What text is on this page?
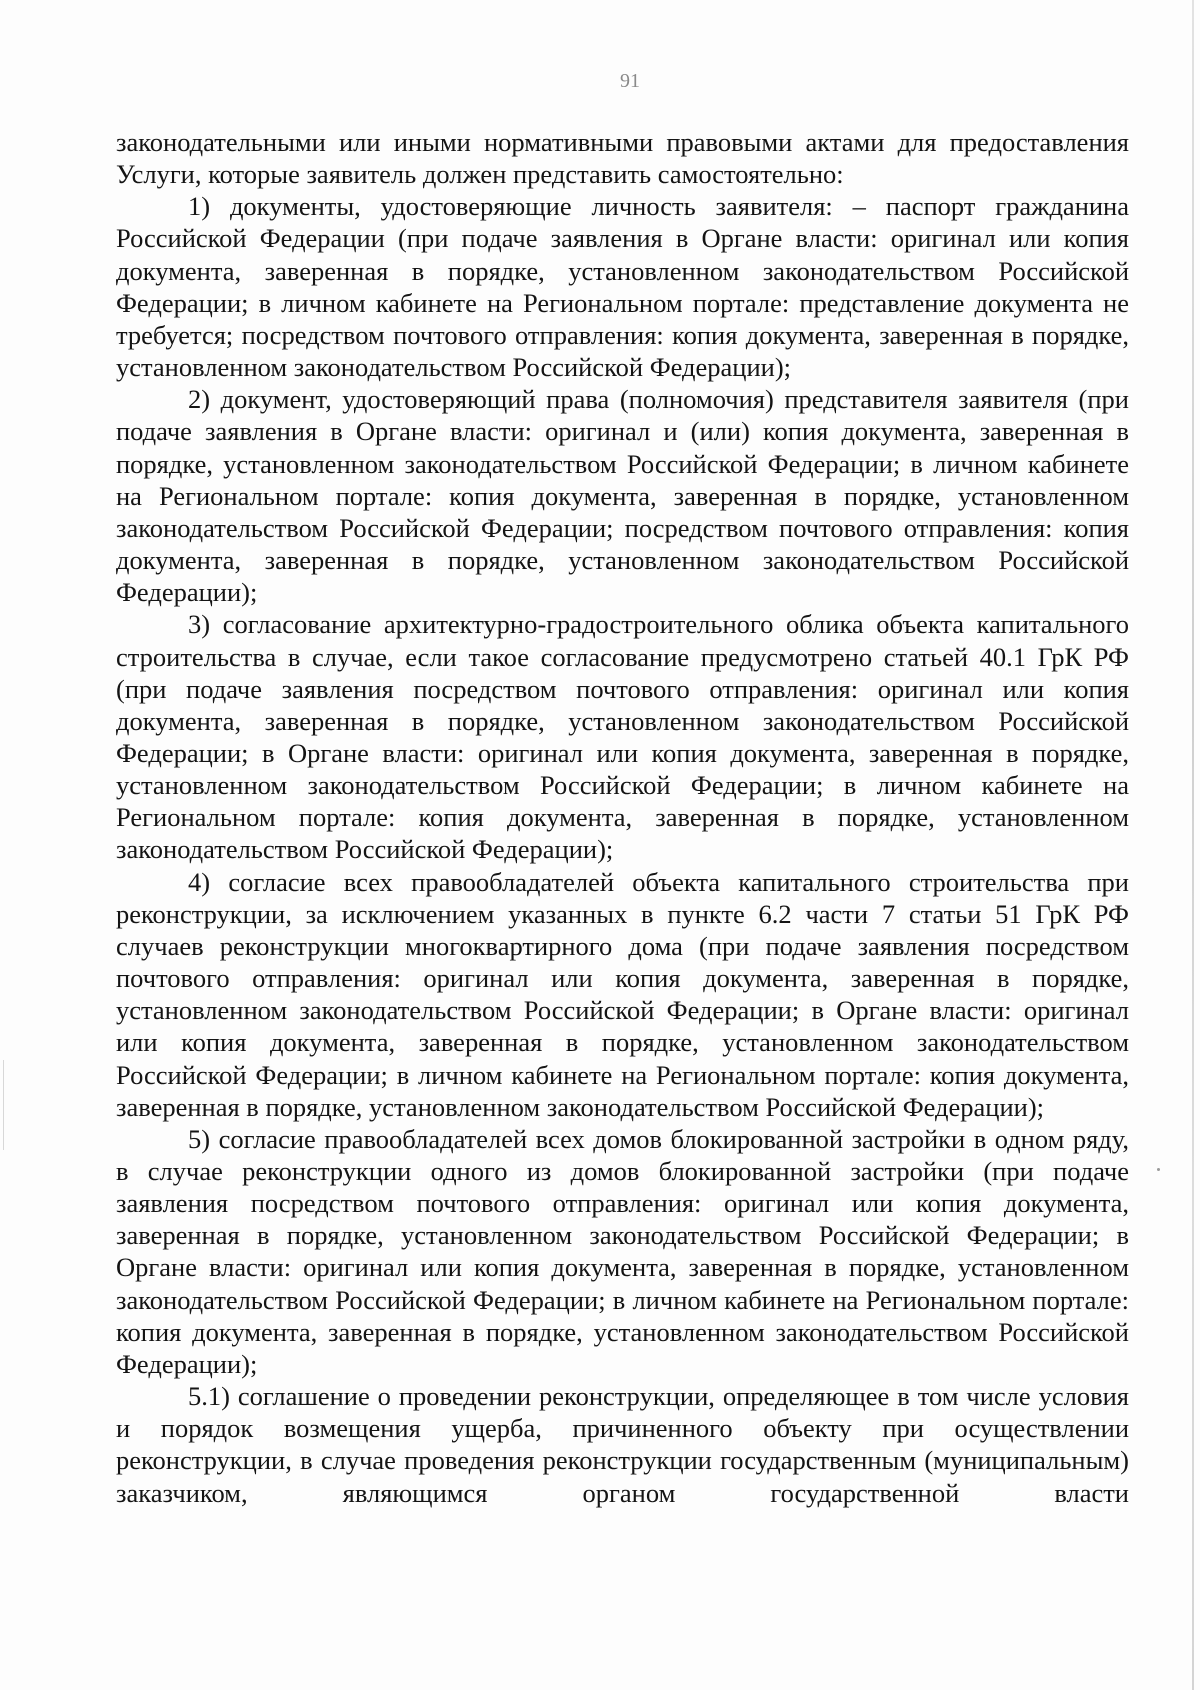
91

законодательными или иными нормативными правовыми актами для предоставления Услуги, которые заявитель должен представить самостоятельно:

1) документы, удостоверяющие личность заявителя: – паспорт гражданина Российской Федерации (при подаче заявления в Органе власти: оригинал или копия документа, заверенная в порядке, установленном законодательством Российской Федерации; в личном кабинете на Региональном портале: представление документа не требуется; посредством почтового отправления: копия документа, заверенная в порядке, установленном законодательством Российской Федерации);

2) документ, удостоверяющий права (полномочия) представителя заявителя (при подаче заявления в Органе власти: оригинал и (или) копия документа, заверенная в порядке, установленном законодательством Российской Федерации; в личном кабинете на Региональном портале: копия документа, заверенная в порядке, установленном законодательством Российской Федерации; посредством почтового отправления: копия документа, заверенная в порядке, установленном законодательством Российской Федерации);

3) согласование архитектурно-градостроительного облика объекта капитального строительства в случае, если такое согласование предусмотрено статьей 40.1 ГрК РФ (при подаче заявления посредством почтового отправления: оригинал или копия документа, заверенная в порядке, установленном законодательством Российской Федерации; в Органе власти: оригинал или копия документа, заверенная в порядке, установленном законодательством Российской Федерации; в личном кабинете на Региональном портале: копия документа, заверенная в порядке, установленном законодательством Российской Федерации);

4) согласие всех правообладателей объекта капитального строительства при реконструкции, за исключением указанных в пункте 6.2 части 7 статьи 51 ГрК РФ случаев реконструкции многоквартирного дома (при подаче заявления посредством почтового отправления: оригинал или копия документа, заверенная в порядке, установленном законодательством Российской Федерации; в Органе власти: оригинал или копия документа, заверенная в порядке, установленном законодательством Российской Федерации; в личном кабинете на Региональном портале: копия документа, заверенная в порядке, установленном законодательством Российской Федерации);

5) согласие правообладателей всех домов блокированной застройки в одном ряду, в случае реконструкции одного из домов блокированной застройки (при подаче заявления посредством почтового отправления: оригинал или копия документа, заверенная в порядке, установленном законодательством Российской Федерации; в Органе власти: оригинал или копия документа, заверенная в порядке, установленном законодательством Российской Федерации; в личном кабинете на Региональном портале: копия документа, заверенная в порядке, установленном законодательством Российской Федерации);

5.1) соглашение о проведении реконструкции, определяющее в том числе условия и порядок возмещения ущерба, причиненного объекту при осуществлении реконструкции, в случае проведения реконструкции государственным (муниципальным) заказчиком, являющимся органом государственной власти
